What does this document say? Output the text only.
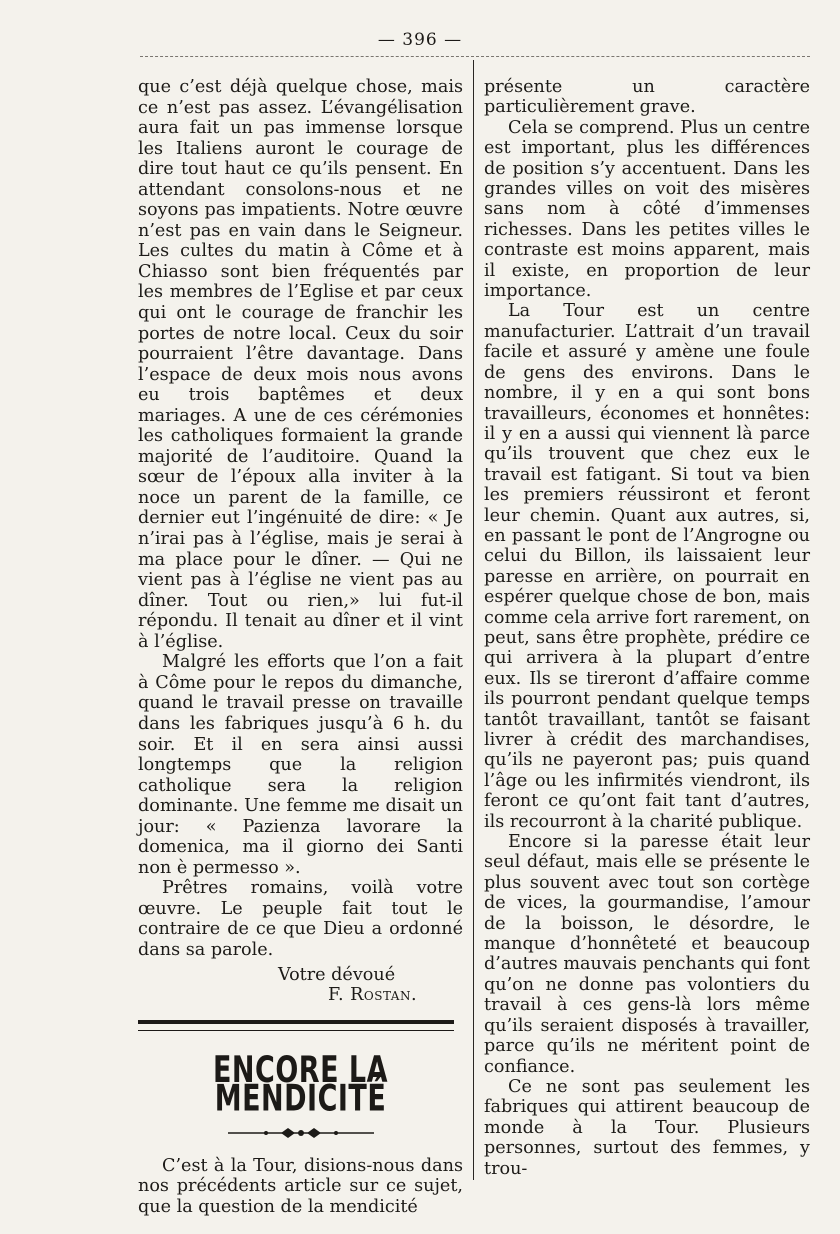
— 396 —

que c’est déjà quelque chose, mais ce n’est pas assez. L’évangélisation aura fait un pas immense lorsque les Italiens auront le courage de dire tout haut ce qu’ils pensent. En attendant consolons-nous et ne soyons pas impatients. Notre œuvre n’est pas en vain dans le Seigneur. Les cultes du matin à Côme et à Chiasso sont bien fréquentés par les membres de l’Eglise et par ceux qui ont le courage de franchir les portes de notre local. Ceux du soir pourraient l’être davantage. Dans l’espace de deux mois nous avons eu trois baptêmes et deux mariages. A une de ces cérémonies les catholiques formaient la grande majorité de l’auditoire. Quand la sœur de l’époux alla inviter à la noce un parent de la famille, ce dernier eut l’ingénuité de dire: « Je n’irai pas à l’église, mais je serai à ma place pour le dîner. — Qui ne vient pas à l’église ne vient pas au dîner. Tout ou rien,» lui fut-il répondu. Il tenait au dîner et il vint à l’église.

Malgré les efforts que l’on a fait à Côme pour le repos du dimanche, quand le travail presse on travaille dans les fabriques jusqu’à 6 h. du soir. Et il en sera ainsi aussi longtemps que la religion catholique sera la religion dominante. Une femme me disait un jour: « Pazienza lavorare la domenica, ma il giorno dei Santi non è permesso ».

Prêtres romains, voilà votre œuvre. Le peuple fait tout le contraire de ce que Dieu a ordonné dans sa parole.

Votre dévoué
F. Rostan.
ENCORE LA MENDICITÉ

C’est à la Tour, disions-nous dans nos précédents article sur ce sujet, que la question de la mendicité

présente un caractère particulièrement grave.

Cela se comprend. Plus un centre est important, plus les différences de position s’y accentuent. Dans les grandes villes on voit des misères sans nom à côté d’immenses richesses. Dans les petites villes le contraste est moins apparent, mais il existe, en proportion de leur importance.

La Tour est un centre manufacturier. L’attrait d’un travail facile et assuré y amène une foule de gens des environs. Dans le nombre, il y en a qui sont bons travailleurs, économes et honnêtes: il y en a aussi qui viennent là parce qu’ils trouvent que chez eux le travail est fatigant. Si tout va bien les premiers réussiront et feront leur chemin. Quant aux autres, si, en passant le pont de l’Angrogne ou celui du Billon, ils laissaient leur paresse en arrière, on pourrait en espérer quelque chose de bon, mais comme cela arrive fort rarement, on peut, sans être prophète, prédire ce qui arrivera à la plupart d’entre eux. Ils se tireront d’affaire comme ils pourront pendant quelque temps tantôt travaillant, tantôt se faisant livrer à crédit des marchandises, qu’ils ne payeront pas; puis quand l’âge ou les infirmités viendront, ils feront ce qu’ont fait tant d’autres, ils recourront à la charité publique.

Encore si la paresse était leur seul défaut, mais elle se présente le plus souvent avec tout son cortège de vices, la gourmandise, l’amour de la boisson, le désordre, le manque d’honnêteté et beaucoup d’autres mauvais penchants qui font qu’on ne donne pas volontiers du travail à ces gens-là lors même qu’ils seraient disposés à travailler, parce qu’ils ne méritent point de confiance.

Ce ne sont pas seulement les fabriques qui attirent beaucoup de monde à la Tour. Plusieurs personnes, surtout des femmes, y trou-
